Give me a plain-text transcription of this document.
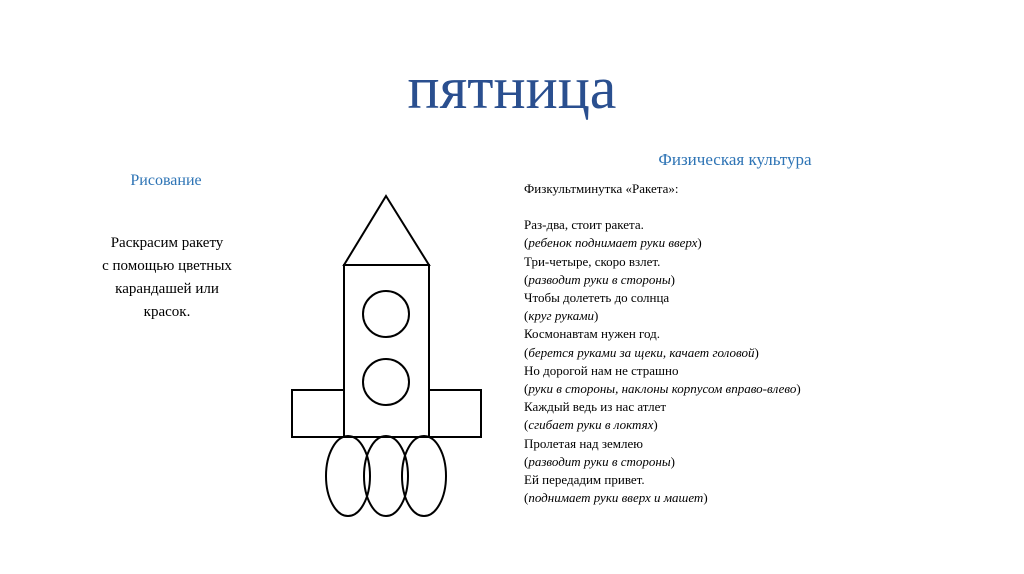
пятница
Рисование
Раскрасим ракету
с помощью цветных
карандашей или
красок.
Физическая культура
Физкультминутка «Ракета»:
Раз-два, стоит ракета.
(ребенок поднимает руки вверх)
Три-четыре, скоро взлет.
(разводит руки в стороны)
Чтобы долететь до солнца
(круг руками)
Космонавтам нужен год.
(берется руками за щеки, качает головой)
Но дорогой нам не страшно
(руки в стороны, наклоны корпусом вправо-влево)
Каждый ведь из нас атлет
(сгибает руки в локтях)
Пролетая над землею
(разводит руки в стороны)
Ей передадим привет.
(поднимает руки вверх и машет)
